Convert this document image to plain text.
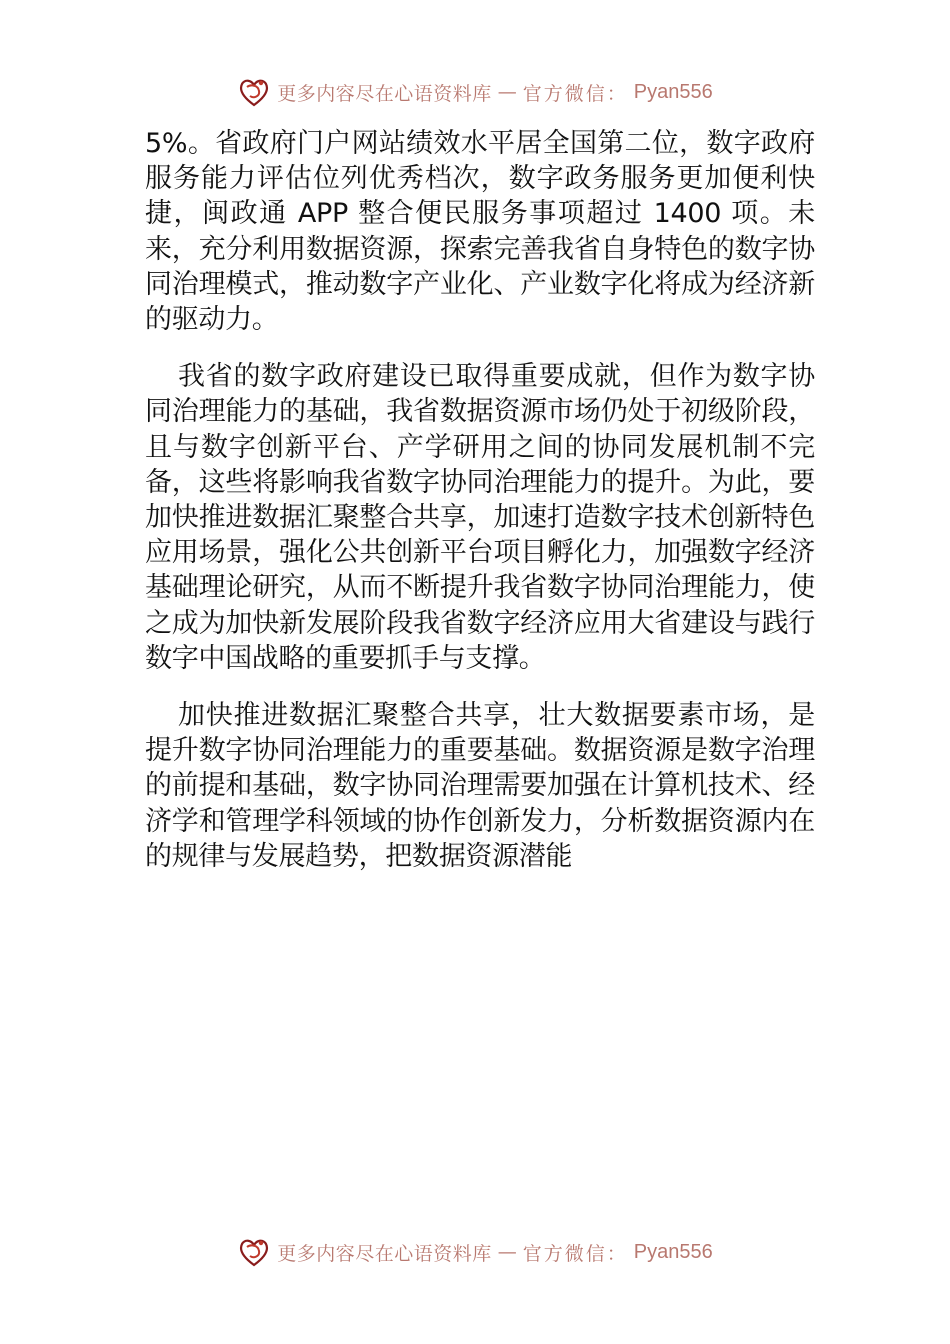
更多内容尽在心语资料库 — 官方微信： Pyan556

5%。省政府门户网站绩效水平居全国第二位，数字政府服务能力评估位列优秀档次，数字政务服务更加便利快捷，闽政通 APP 整合便民服务事项超过 1400 项。未来，充分利用数据资源，探索完善我省自身特色的数字协同治理模式，推动数字产业化、产业数字化将成为经济新的驱动力。

我省的数字政府建设已取得重要成就，但作为数字协同治理能力的基础，我省数据资源市场仍处于初级阶段，且与数字创新平台、产学研用之间的协同发展机制不完备，这些将影响我省数字协同治理能力的提升。为此，要加快推进数据汇聚整合共享，加速打造数字技术创新特色应用场景，强化公共创新平台项目孵化力，加强数字经济基础理论研究，从而不断提升我省数字协同治理能力，使之成为加快新发展阶段我省数字经济应用大省建设与践行数字中国战略的重要抓手与支撑。

加快推进数据汇聚整合共享，壮大数据要素市场，是提升数字协同治理能力的重要基础。数据资源是数字治理的前提和基础，数字协同治理需要加强在计算机技术、经济学和管理学科领域的协作创新发力，分析数据资源内在的规律与发展趋势，把数据资源潜能

更多内容尽在心语资料库 — 官方微信： Pyan556
